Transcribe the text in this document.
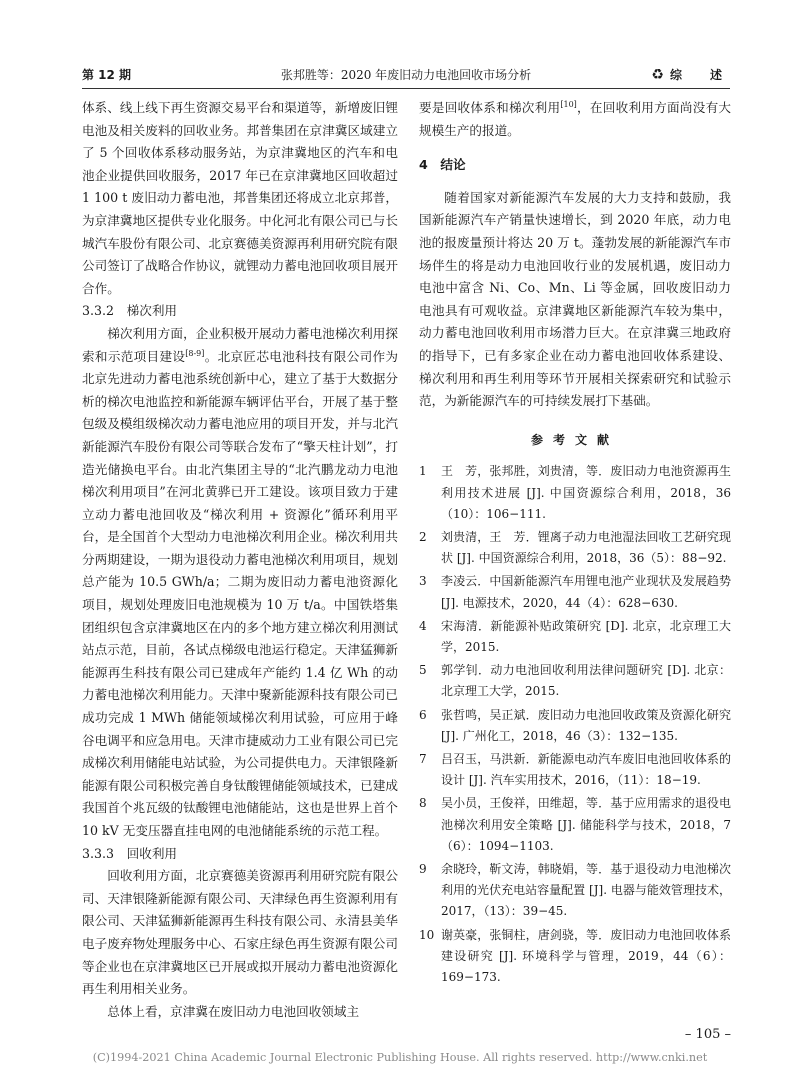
第 12 期	张邦胜等：2020 年废旧动力电池回收市场分析	♻ 综　述

体系、线上线下再生资源交易平台和渠道等，新增废旧锂电池及相关废料的回收业务。邦普集团在京津冀区域建立了 5 个回收体系移动服务站，为京津冀地区的汽车和电池企业提供回收服务，2017 年已在京津冀地区回收超过 1 100 t 废旧动力蓄电池，邦普集团还将成立北京邦普，为京津冀地区提供专业化服务。中化河北有限公司已与长城汽车股份有限公司、北京赛德美资源再利用研究院有限公司签订了战略合作协议，就锂动力蓄电池回收项目展开合作。

3.3.2　梯次利用

梯次利用方面，企业积极开展动力蓄电池梯次利用探索和示范项目建设[8-9]。北京匠芯电池科技有限公司作为北京先进动力蓄电池系统创新中心，建立了基于大数据分析的梯次电池监控和新能源车辆评估平台，开展了基于整包级及模组级梯次动力蓄电池应用的项目开发，并与北汽新能源汽车股份有限公司等联合发布了“擎天柱计划”，打造光储换电平台。由北汽集团主导的“北汽鹏龙动力电池梯次利用项目”在河北黄骅已开工建设。该项目致力于建立动力蓄电池回收及“梯次利用 + 资源化”循环利用平台，是全国首个大型动力电池梯次利用企业。梯次利用共分两期建设，一期为退役动力蓄电池梯次利用项目，规划总产能为 10.5 GWh/a；二期为废旧动力蓄电池资源化项目，规划处理废旧电池规模为 10 万 t/a。中国铁塔集团组织包含京津冀地区在内的多个地方建立梯次利用测试站点示范，目前，各试点梯级电池运行稳定。天津猛狮新能源再生科技有限公司已建成年产能约 1.4 亿 Wh 的动力蓄电池梯次利用能力。天津中聚新能源科技有限公司已成功完成 1 MWh 储能领域梯次利用试验，可应用于峰谷电调平和应急用电。天津市捷威动力工业有限公司已完成梯次利用储能电站试验，为公司提供电力。天津银隆新能源有限公司积极完善自身钛酸锂储能领域技术，已建成我国首个兆瓦级的钛酸锂电池储能站，这也是世界上首个 10 kV 无变压器直挂电网的电池储能系统的示范工程。

3.3.3　回收利用

回收利用方面，北京赛德美资源再利用研究院有限公司、天津银隆新能源有限公司、天津绿色再生资源利用有限公司、天津猛狮新能源再生科技有限公司、永清县美华电子废弃物处理服务中心、石家庄绿色再生资源有限公司等企业也在京津冀地区已开展或拟开展动力蓄电池资源化再生利用相关业务。

总体上看，京津冀在废旧动力电池回收领域主

要是回收体系和梯次利用[10]，在回收利用方面尚没有大规模生产的报道。

4　结论

随着国家对新能源汽车发展的大力支持和鼓励，我国新能源汽车产销量快速增长，到 2020 年底，动力电池的报废量预计将达 20 万 t。蓬勃发展的新能源汽车市场伴生的将是动力电池回收行业的发展机遇，废旧动力电池中富含 Ni、Co、Mn、Li 等金属，回收废旧动力电池具有可观收益。京津冀地区新能源汽车较为集中，动力蓄电池回收利用市场潜力巨大。在京津冀三地政府的指导下，已有多家企业在动力蓄电池回收体系建设、梯次利用和再生利用等环节开展相关探索研究和试验示范，为新能源汽车的可持续发展打下基础。

参考文献
1	王　芳，张邦胜，刘贵清，等．废旧动力电池资源再生利用技术进展 [J]. 中国资源综合利用，2018，36（10）：106−111.
2	刘贵清，王　芳．锂离子动力电池湿法回收工艺研究现状 [J]. 中国资源综合利用，2018，36（5）：88−92.
3	李凌云．中国新能源汽车用锂电池产业现状及发展趋势 [J]. 电源技术，2020，44（4）：628−630.
4	宋海清．新能源补贴政策研究 [D]. 北京，北京理工大学，2015.
5	郭学钊．动力电池回收利用法律问题研究 [D]. 北京：北京理工大学，2015.
6	张哲鸣，吴正斌．废旧动力电池回收政策及资源化研究 [J]. 广州化工，2018，46（3）：132−135.
7	吕召玉，马洪新．新能源电动汽车废旧电池回收体系的设计 [J]. 汽车实用技术，2016，（11）：18−19.
8	吴小员，王俊祥，田维超，等．基于应用需求的退役电池梯次利用安全策略 [J]. 储能科学与技术，2018，7（6）：1094−1103.
9	余晓玲，靳文涛，韩晓娟，等．基于退役动力电池梯次利用的光伏充电站容量配置 [J]. 电器与能效管理技术，2017，（13）：39−45.
10 谢英豪，张铜柱，唐剑骁，等．废旧动力电池回收体系建设研究 [J]. 环境科学与管理，2019，44（6）：169−173.
– 105 –
(C)1994-2021 China Academic Journal Electronic Publishing House. All rights reserved. http://www.cnki.net
